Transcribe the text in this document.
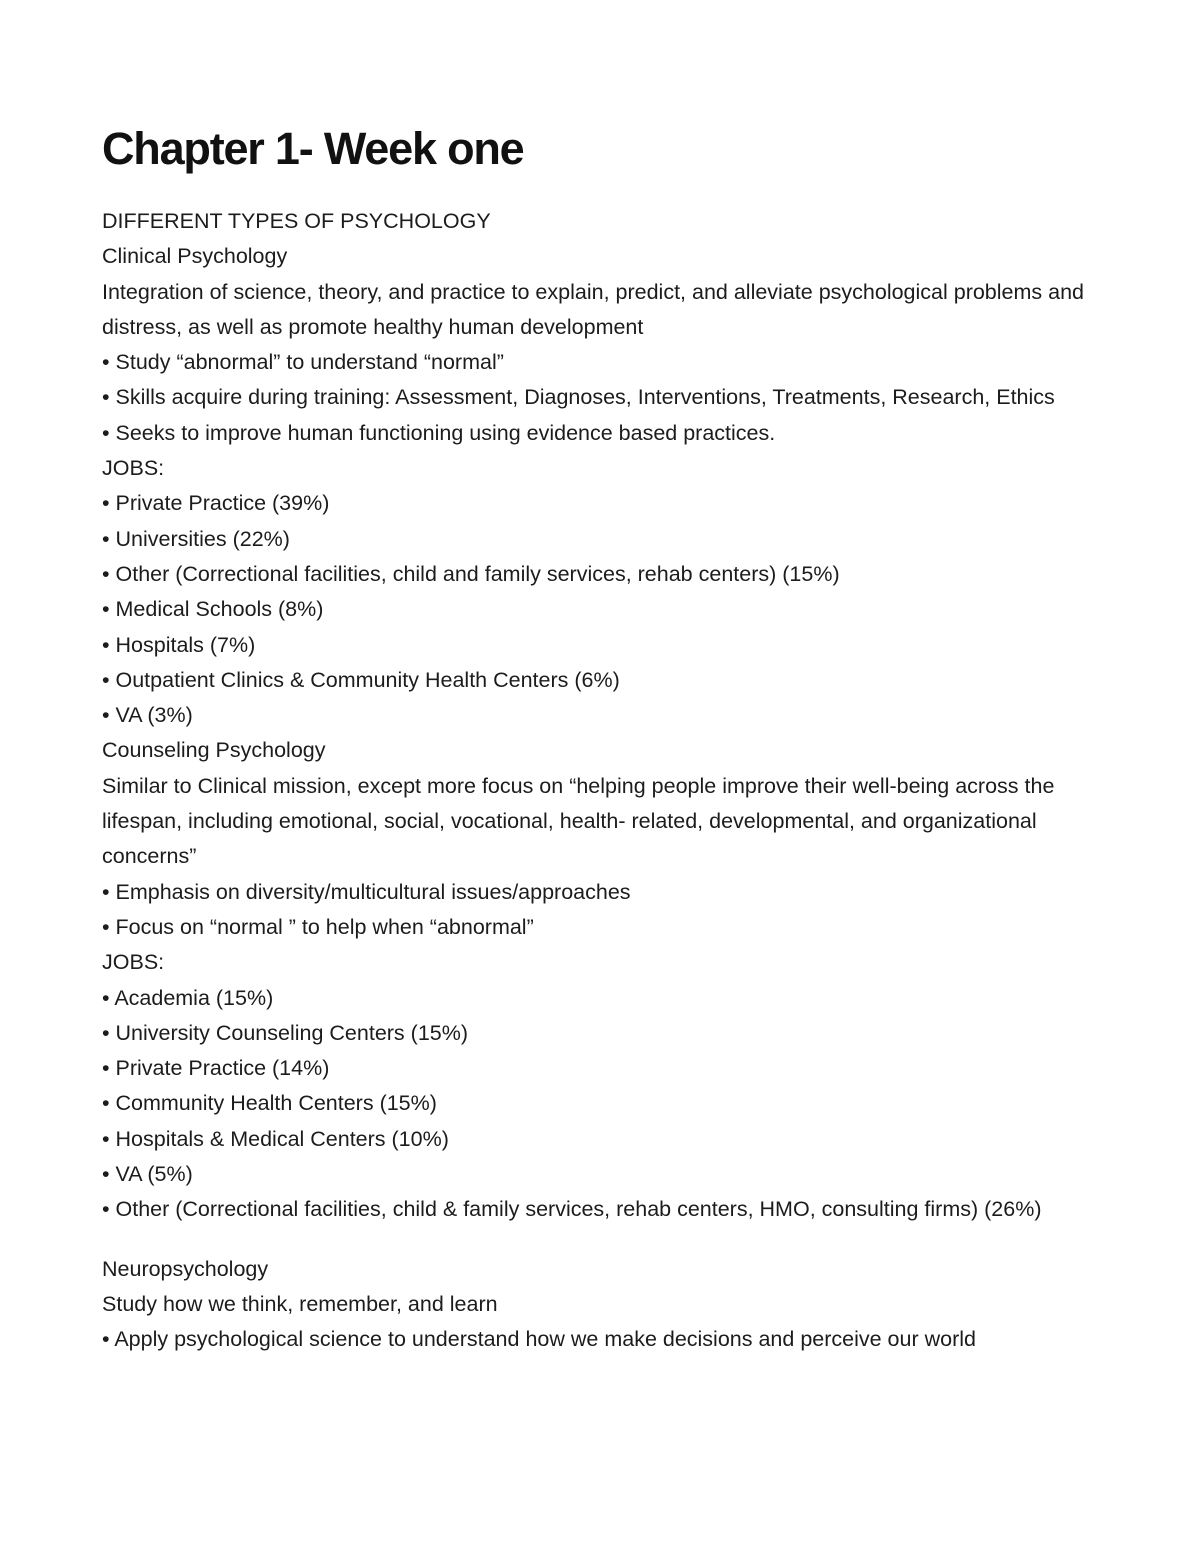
Chapter 1- Week one

DIFFERENT TYPES OF PSYCHOLOGY

Clinical Psychology

Integration of science, theory, and practice to explain, predict, and alleviate psychological problems and distress, as well as promote healthy human development

• Study “abnormal” to understand “normal”

• Skills acquire during training: Assessment, Diagnoses, Interventions, Treatments, Research, Ethics

• Seeks to improve human functioning using evidence based practices.

JOBS:

• Private Practice (39%)

• Universities (22%)

• Other (Correctional facilities, child and family services, rehab centers) (15%)

• Medical Schools (8%)

• Hospitals (7%)

• Outpatient Clinics & Community Health Centers (6%)

• VA (3%)

Counseling Psychology

Similar to Clinical mission, except more focus on “helping people improve their well-being across the lifespan, including emotional, social, vocational, health- related, developmental, and organizational concerns”

• Emphasis on diversity/multicultural issues/approaches

• Focus on “normal ” to help when “abnormal”

JOBS:

• Academia (15%)

• University Counseling Centers (15%)

• Private Practice (14%)

• Community Health Centers (15%)

• Hospitals & Medical Centers (10%)

• VA (5%)

• Other (Correctional facilities, child & family services, rehab centers, HMO, consulting firms) (26%)

Neuropsychology

Study how we think, remember, and learn

• Apply psychological science to understand how we make decisions and perceive our world
